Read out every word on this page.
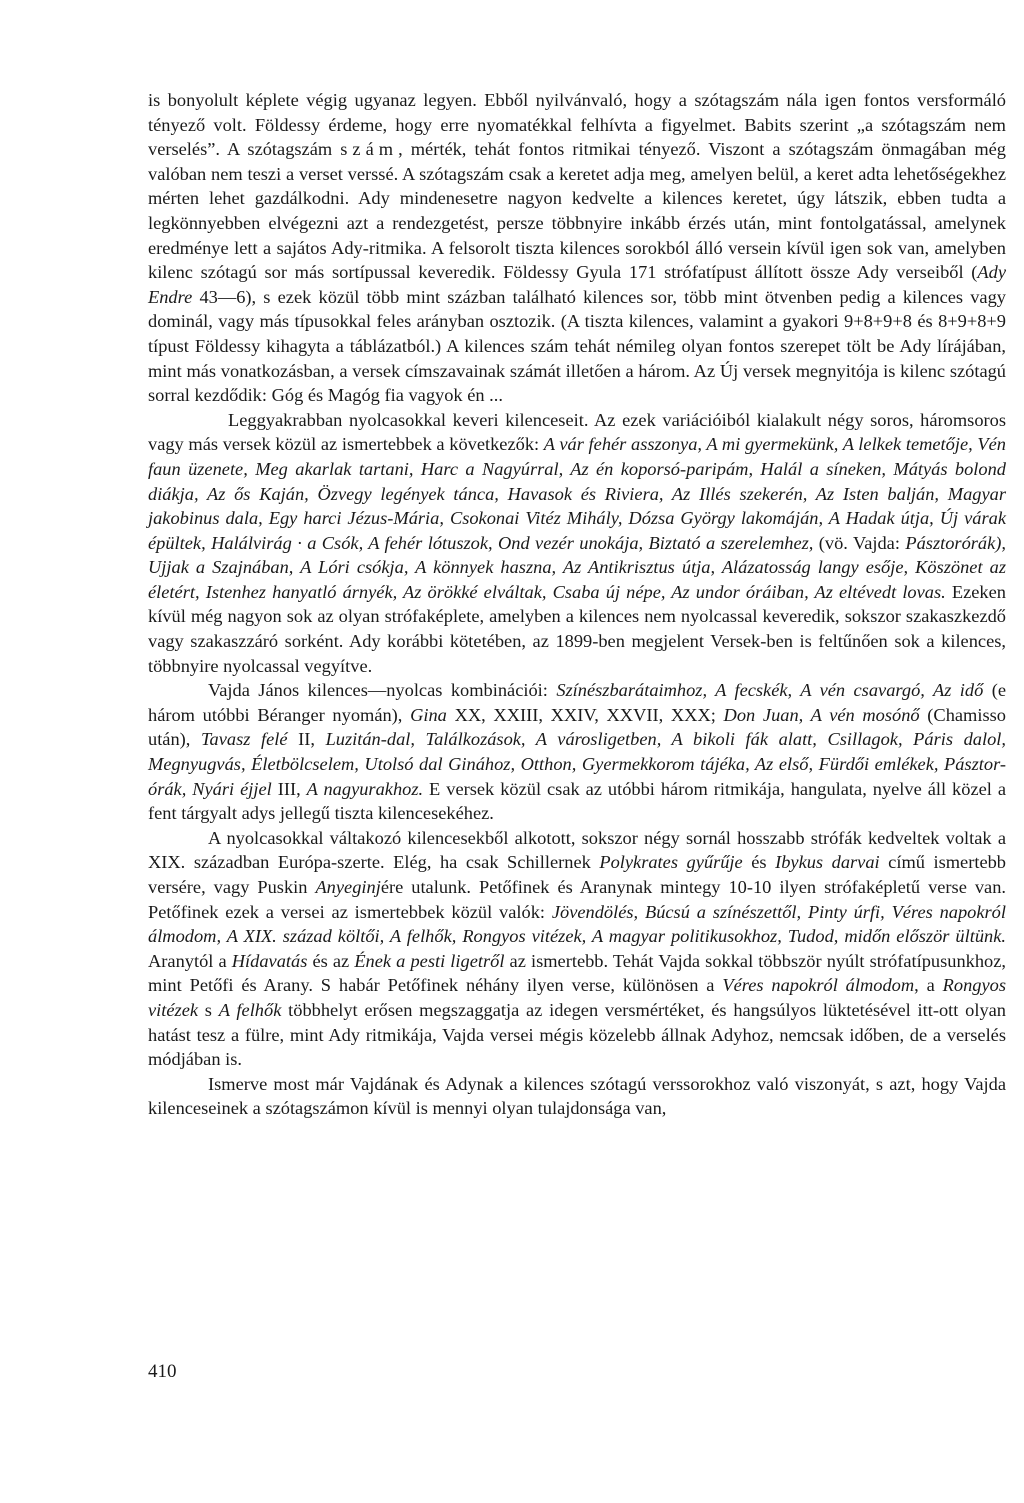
is bonyolult képlete végig ugyanaz legyen. Ebből nyilvánvaló, hogy a szótagszám nála igen fontos versformáló tényező volt. Földessy érdeme, hogy erre nyomatékkal felhívta a figyelmet. Babits szerint „a szótagszám nem verselés”. A szótagszám szám, mérték, tehát fontos ritmikai tényező. Viszont a szótagszám önmagában még valóban nem teszi a verset verssé. A szótagszám csak a keretet adja meg, amelyen belül, a keret adta lehetőségekhez mérten lehet gazdálkodni. Ady mindenesetre nagyon kedvelte a kilences keretet, úgy látszik, ebben tudta a legkönnyebben elvégezni azt a rendezgetést, persze többnyire inkább érzés után, mint fontolgatással, amelynek eredménye lett a sajátos Ady-ritmika. A felsorolt tiszta kilences sorokból álló versein kívül igen sok van, amelyben kilenc szótagú sor más sortípussal keveredik. Földessy Gyula 171 strófatípust állított össze Ady verseiből (Ady Endre 43—6), s ezek közül több mint százban található kilences sor, több mint ötvenben pedig a kilences vagy dominál, vagy más típusokkal feles arányban osztozik. (A tiszta kilences, valamint a gyakori 9+8+9+8 és 8+9+8+9 típust Földessy kihagyta a táblázatból.) A kilences szám tehát némileg olyan fontos szerepet tölt be Ady lírájában, mint más vonatkozásban, a versek címszavainak számát illetően a három. Az Új versek megnyitója is kilenc szótagú sorral kezdődik: Góg és Magóg fia vagyok én ...

Leggyakrabban nyolcasokkal keveri kilenceseit. Az ezek variációiból kialakult négy soros, háromsoros vagy más versek közül az ismertebbek a következők: A vár fehér asszonya, A mi gyermekünk, A lelkek temetője, Vén faun üzenete, Meg akarlak tartani, Harc a Nagyúrral, Az én koporsó-paripám, Halál a síneken, Mátyás bolond diákja, Az ős Kaján, Özvegy legények tánca, Havasok és Riviera, Az Illés szekerén, Az Isten balján, Magyar jakobinus dala, Egy harci Jézus-Mária, Csokonai Vitéz Mihály, Dózsa György lakomáján, A Hadak útja, Új várak épültek, Halálvirág · a Csók, A fehér lótuszok, Ond vezér unokája, Biztató a szerelemhez, (vö. Vajda: Pásztorórák), Ujjak a Szajnában, A Lóri csókja, A könnyek haszna, Az Antikrisztus útja, Alázatosság langy esője, Köszönet az életért, Istenhez hanyatló árnyék, Az örökké elváltak, Csaba új népe, Az undor óráiban, Az eltévedt lovas. Ezeken kívül még nagyon sok az olyan strófaképlete, amelyben a kilences nem nyolcassal keveredik, sokszor szakaszkezdő vagy szakaszzáró sorként. Ady korábbi kötetében, az 1899-ben megjelent Versek-ben is feltűnően sok a kilences, többnyire nyolcassal vegyítve.

Vajda János kilences—nyolcas kombinációi: Színészbarátaimhoz, A fecskék, A vén csavargó, Az idő (e három utóbbi Béranger nyomán), Gina XX, XXIII, XXIV, XXVII, XXX; Don Juan, A vén mosónő (Chamisso után), Tavasz felé II, Luzitán-dal, Találkozások, A városligetben, A bikoli fák alatt, Csillagok, Páris dalol, Megnyugvás, Életbölcselem, Utolsó dal Ginához, Otthon, Gyermekkorom tájéka, Az első, Fürdői emlékek, Pásztor-órák, Nyári éjjel III, A nagyurakhoz. E versek közül csak az utóbbi három ritmikája, hangulata, nyelve áll közel a fent tárgyalt adys jellegű tiszta kilencesekéhez.

A nyolcasokkal váltakozó kilencesekből alkotott, sokszor négy sornál hosszabb strófák kedveltek voltak a XIX. században Európa-szerte. Elég, ha csak Schillernek Polykrates gyűrűje és Ibykus darvai című ismertebb versére, vagy Puskin Anyeginjére utalunk. Petőfinek és Aranynak mintegy 10-10 ilyen strófaképletű verse van. Petőfinek ezek a versei az ismertebbek közül valók: Jövendölés, Búcsú a színészettől, Pinty úrfi, Véres napokról álmodom, A XIX. század költői, A felhők, Rongyos vitézek, A magyar politikusokhoz, Tudod, midőn először ültünk. Aranytól a Hídavatás és az Ének a pesti ligetről az ismertebb. Tehát Vajda sokkal többször nyúlt strófatípusunkhoz, mint Petőfi és Arany. S habár Petőfinek néhány ilyen verse, különösen a Véres napokról álmodom, a Rongyos vitézek s A felhők többhelyt erősen megszaggatja az idegen versmértéket, és hangsúlyos lüktetésével itt-ott olyan hatást tesz a fülre, mint Ady ritmikája, Vajda versei mégis közelebb állnak Adyhoz, nemcsak időben, de a verselés módjában is.

Ismerve most már Vajdának és Adynak a kilences szótagú verssorokhoz való viszonyát, s azt, hogy Vajda kilenceseinek a szótagszámon kívül is mennyi olyan tulajdonsága van,

410
